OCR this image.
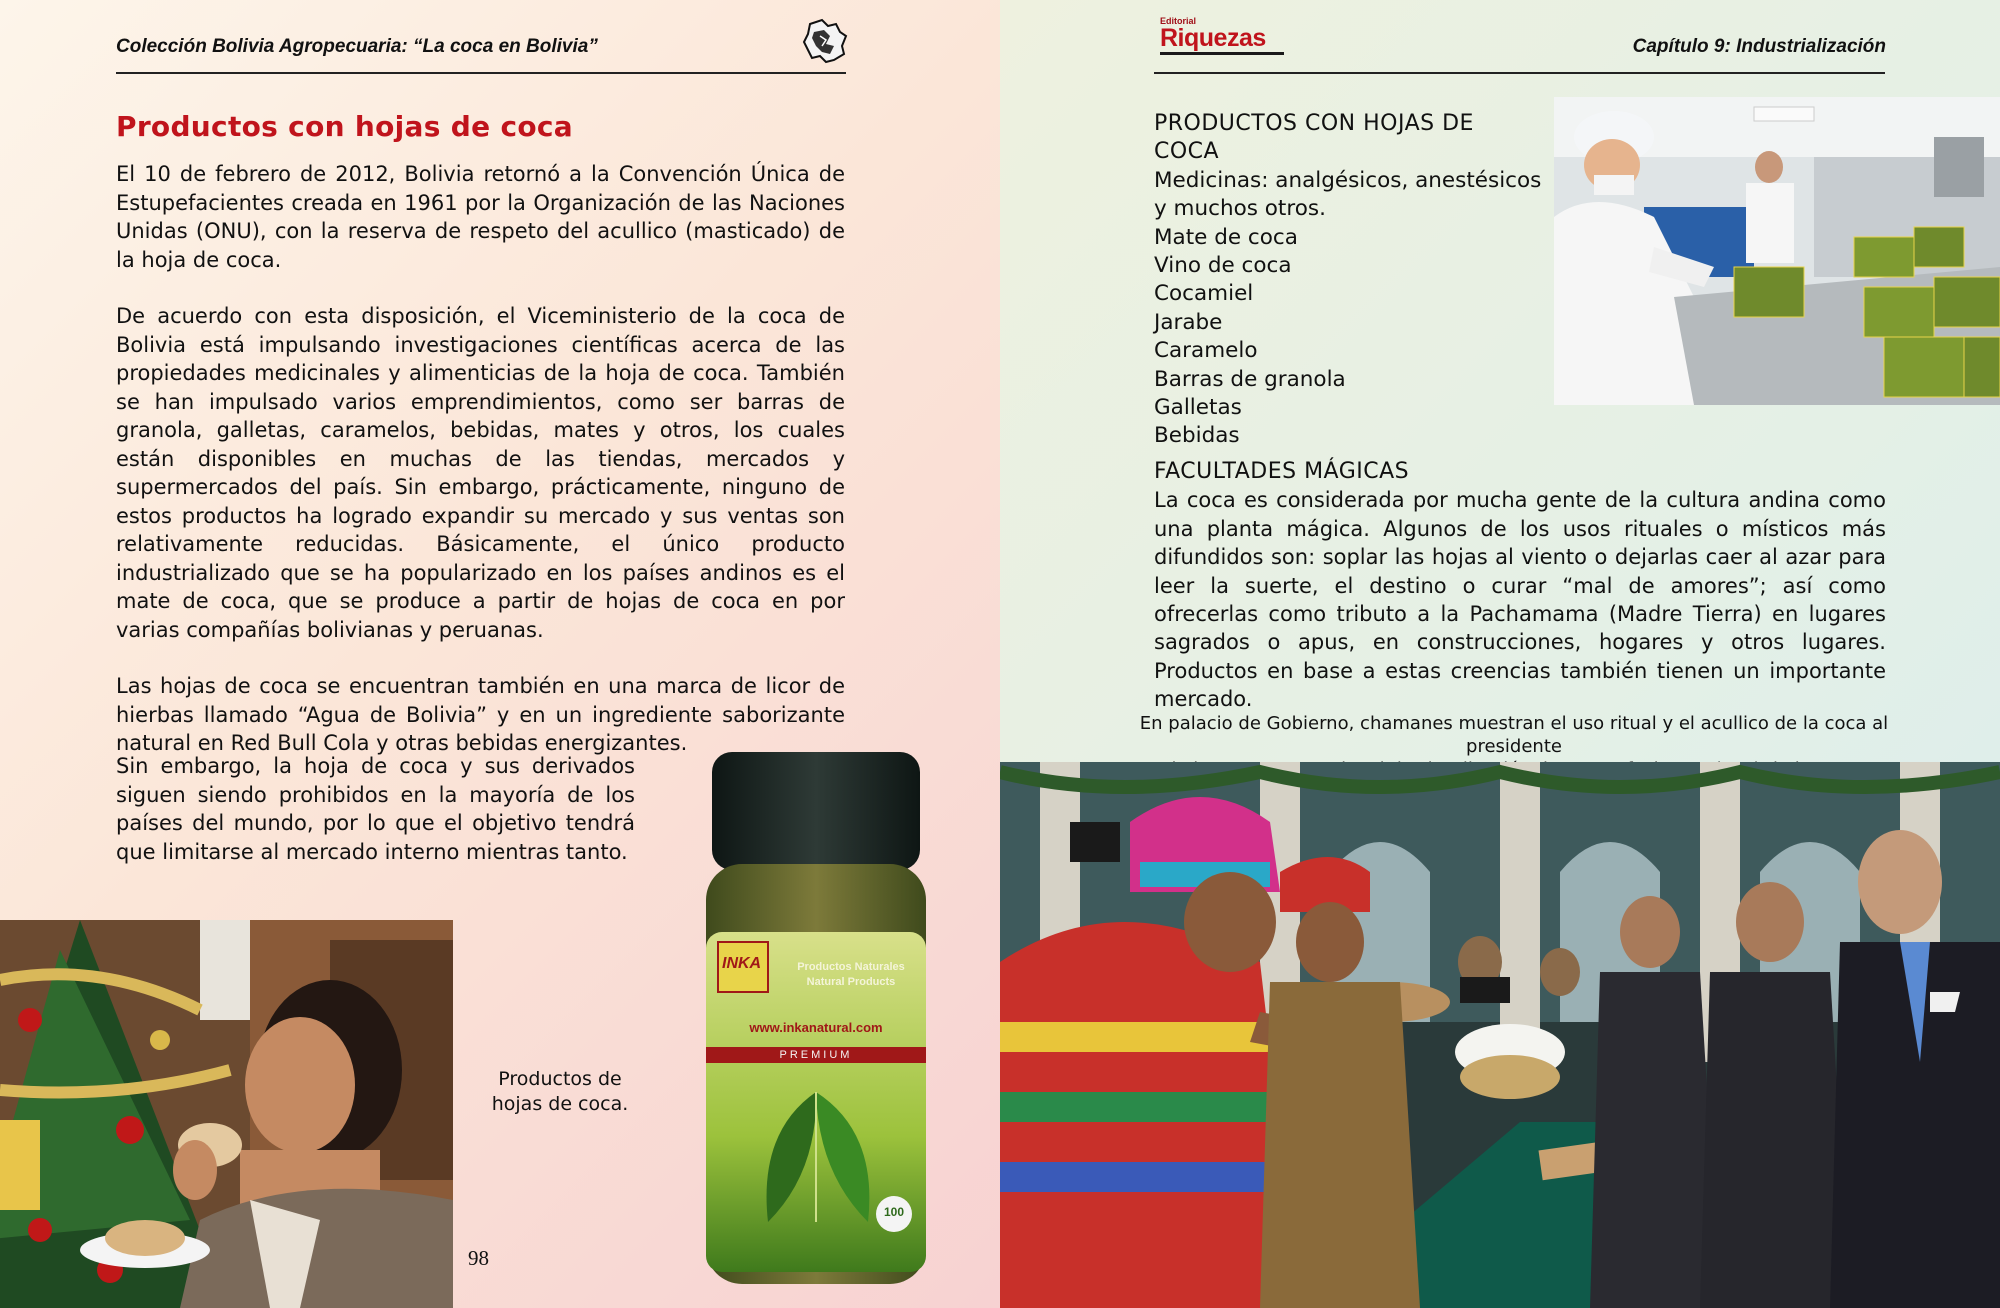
Colección Bolivia Agropecuaria: “La coca en Bolivia”
Productos con hojas de coca

El 10 de febrero de 2012, Bolivia retornó a la Convención Única de Estupefacientes creada en 1961 por la Organización de las Naciones Unidas (ONU), con la reserva de respeto del acullico (masticado) de la hoja de coca.

De acuerdo con esta disposición, el Viceministerio de la coca de Bolivia está impulsando investigaciones científicas acerca de las propiedades medicinales y alimenticias de la hoja de coca. También se han impulsado varios emprendimientos, como ser barras de granola, galletas, caramelos, bebidas, mates y otros, los cuales están disponibles en muchas de las tiendas, mercados y supermercados del país. Sin embargo, prácticamente, ninguno de estos productos ha logrado expandir su mercado y sus ventas son relativamente reducidas. Básicamente, el único producto industrializado que se ha popularizado en los países andinos es el mate de coca, que se produce a partir de hojas de coca en por varias compañías bolivianas y peruanas.

Las hojas de coca se encuentran también en una marca de licor de hierbas llamado “Agua de Bolivia” y en un ingrediente saborizante natural en Red Bull Cola y otras bebidas energizantes.

Sin embargo, la hoja de coca y sus derivados siguen siendo prohibidos en la mayoría de los países del mundo, por lo que el objetivo tendrá que limitarse al mercado interno mientras tanto.

Productos de
hojas de coca.
98
INKA	Productos Naturales
Natural Products
www.inkanatural.com
PREMIUM
100
Editorial
Riquezas	Capítulo 9: Industrialización
PRODUCTOS CON HOJAS DE COCA
Medicinas: analgésicos, anestésicos y muchos otros.
Mate de coca
Vino de coca
Cocamiel
Jarabe
Caramelo
Barras de granola
Galletas
Bebidas
FACULTADES MÁGICAS
La coca es considerada por mucha gente de la cultura andina como una planta mágica. Algunos de los usos rituales o místicos más difundidos son: soplar las hojas al viento o dejarlas caer al azar para leer la suerte, el destino o curar “mal de amores”; así como ofrecerlas como tributo a la Pachamama (Madre Tierra) en lugares sagrados o apus, en construcciones, hogares y otros lugares. Productos en base a estas creencias también tienen un importante mercado.
En palacio de Gobierno, chamanes muestran el uso ritual y el acullico de la coca al presidente
